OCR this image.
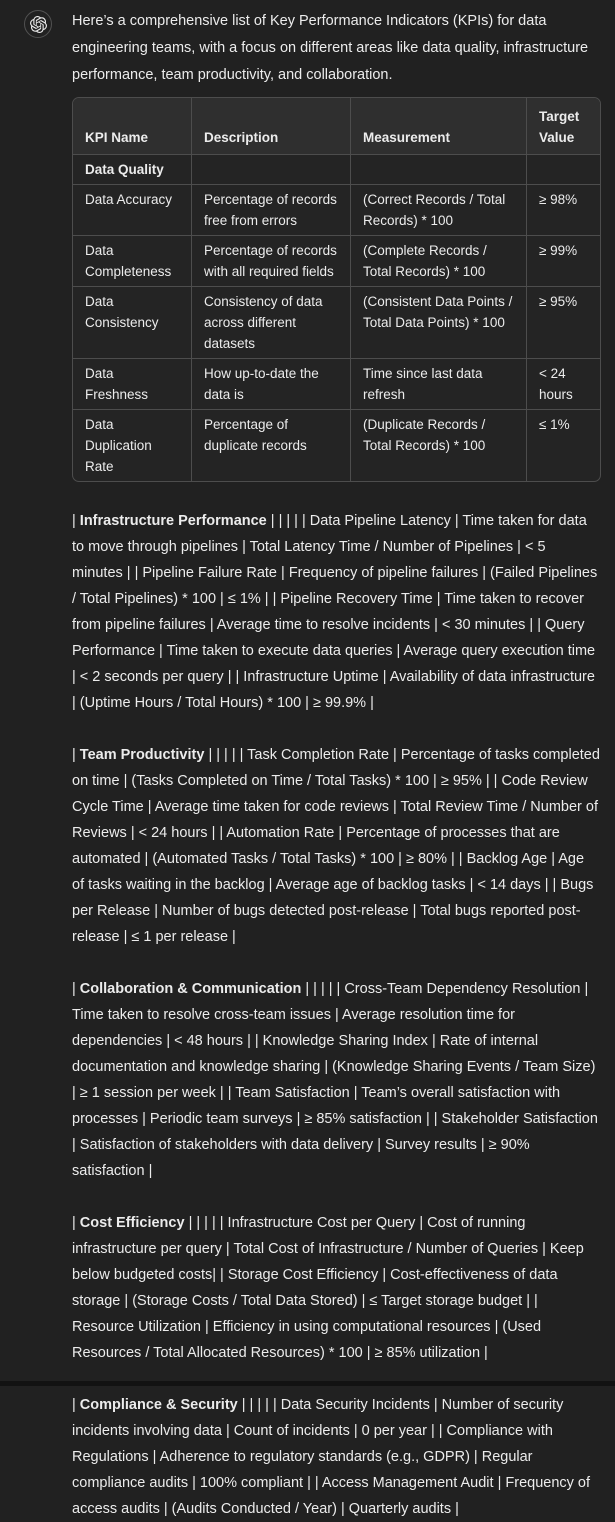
Here’s a comprehensive list of Key Performance Indicators (KPIs) for data engineering teams, with a focus on different areas like data quality, infrastructure performance, team productivity, and collaboration.

KPI Name	Description	Measurement	Target Value
Data Quality			
Data Accuracy	Percentage of records free from errors	(Correct Records / Total Records) * 100	≥ 98%
Data Completeness	Percentage of records with all required fields	(Complete Records / Total Records) * 100	≥ 99%
Data Consistency	Consistency of data across different datasets	(Consistent Data Points / Total Data Points) * 100	≥ 95%
Data Freshness	How up-to-date the data is	Time since last data refresh	< 24 hours
Data Duplication Rate	Percentage of duplicate records	(Duplicate Records / Total Records) * 100	≤ 1%

| Infrastructure Performance | | | | | Data Pipeline Latency | Time taken for data to move through pipelines | Total Latency Time / Number of Pipelines | < 5 minutes | | Pipeline Failure Rate | Frequency of pipeline failures | (Failed Pipelines / Total Pipelines) * 100 | ≤ 1% | | Pipeline Recovery Time | Time taken to recover from pipeline failures | Average time to resolve incidents | < 30 minutes | | Query Performance | Time taken to execute data queries | Average query execution time | < 2 seconds per query | | Infrastructure Uptime | Availability of data infrastructure | (Uptime Hours / Total Hours) * 100 | ≥ 99.9% |

| Team Productivity | | | | | Task Completion Rate | Percentage of tasks completed on time | (Tasks Completed on Time / Total Tasks) * 100 | ≥ 95% | | Code Review Cycle Time | Average time taken for code reviews | Total Review Time / Number of Reviews | < 24 hours | | Automation Rate | Percentage of processes that are automated | (Automated Tasks / Total Tasks) * 100 | ≥ 80% | | Backlog Age | Age of tasks waiting in the backlog | Average age of backlog tasks | < 14 days | | Bugs per Release | Number of bugs detected post-release | Total bugs reported post-release | ≤ 1 per release |

| Collaboration & Communication | | | | | Cross-Team Dependency Resolution | Time taken to resolve cross-team issues | Average resolution time for dependencies | < 48 hours | | Knowledge Sharing Index | Rate of internal documentation and knowledge sharing | (Knowledge Sharing Events / Team Size) | ≥ 1 session per week | | Team Satisfaction | Team’s overall satisfaction with processes | Periodic team surveys | ≥ 85% satisfaction | | Stakeholder Satisfaction | Satisfaction of stakeholders with data delivery | Survey results | ≥ 90% satisfaction |

| Cost Efficiency | | | | | Infrastructure Cost per Query | Cost of running infrastructure per query | Total Cost of Infrastructure / Number of Queries | Keep below budgeted costs| | Storage Cost Efficiency | Cost-effectiveness of data storage | (Storage Costs / Total Data Stored) | ≤ Target storage budget | | Resource Utilization | Efficiency in using computational resources | (Used Resources / Total Allocated Resources) * 100 | ≥ 85% utilization |

| Compliance & Security | | | | | Data Security Incidents | Number of security incidents involving data | Count of incidents | 0 per year | | Compliance with Regulations | Adherence to regulatory standards (e.g., GDPR) | Regular compliance audits | 100% compliant | | Access Management Audit | Frequency of access audits | (Audits Conducted / Year) | Quarterly audits |
